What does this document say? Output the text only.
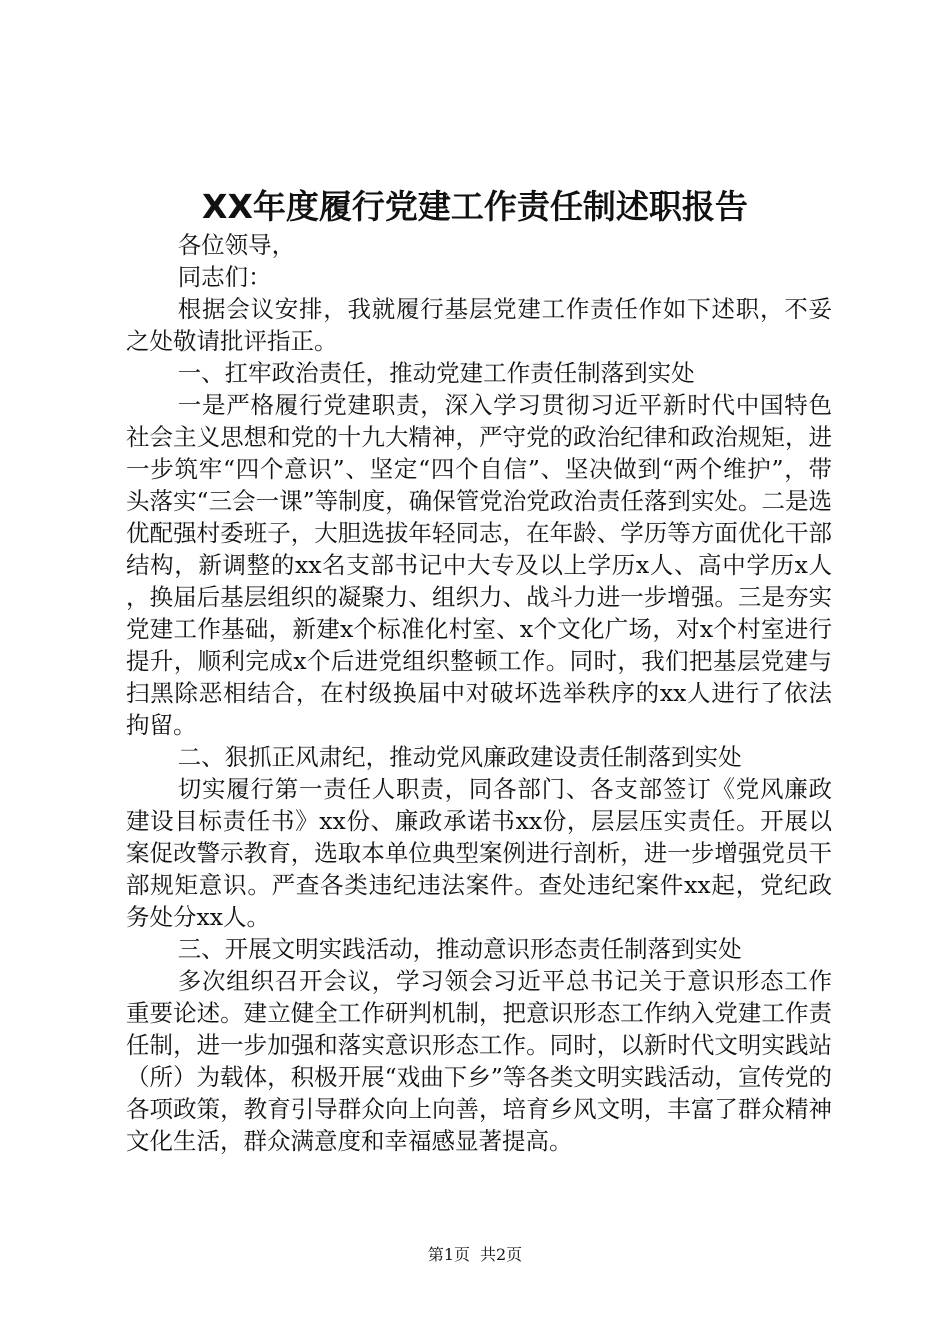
XX年度履行党建工作责任制述职报告

各位领导，

同志们：

根据会议安排，我就履行基层党建工作责任作如下述职，不妥之处敬请批评指正。

一、扛牢政治责任，推动党建工作责任制落到实处

一是严格履行党建职责，深入学习贯彻习近平新时代中国特色社会主义思想和党的十九大精神，严守党的政治纪律和政治规矩，进一步筑牢“四个意识”、坚定“四个自信”、坚决做到“两个维护”，带头落实“三会一课”等制度，确保管党治党政治责任落到实处。二是选优配强村委班子，大胆选拔年轻同志，在年龄、学历等方面优化干部结构，新调整的xx名支部书记中大专及以上学历x人、高中学历x人，换届后基层组织的凝聚力、组织力、战斗力进一步增强。三是夯实党建工作基础，新建x个标准化村室、x个文化广场，对x个村室进行提升，顺利完成x个后进党组织整顿工作。同时，我们把基层党建与扫黑除恶相结合，在村级换届中对破坏选举秩序的xx人进行了依法拘留。

二、狠抓正风肃纪，推动党风廉政建设责任制落到实处

切实履行第一责任人职责，同各部门、各支部签订《党风廉政建设目标责任书》xx份、廉政承诺书xx份，层层压实责任。开展以案促改警示教育，选取本单位典型案例进行剖析，进一步增强党员干部规矩意识。严查各类违纪违法案件。查处违纪案件xx起，党纪政务处分xx人。

三、开展文明实践活动，推动意识形态责任制落到实处

多次组织召开会议，学习领会习近平总书记关于意识形态工作重要论述。建立健全工作研判机制，把意识形态工作纳入党建工作责任制，进一步加强和落实意识形态工作。同时，以新时代文明实践站（所）为载体，积极开展“戏曲下乡”等各类文明实践活动，宣传党的各项政策，教育引导群众向上向善，培育乡风文明，丰富了群众精神文化生活，群众满意度和幸福感显著提高。

第1页 共2页
